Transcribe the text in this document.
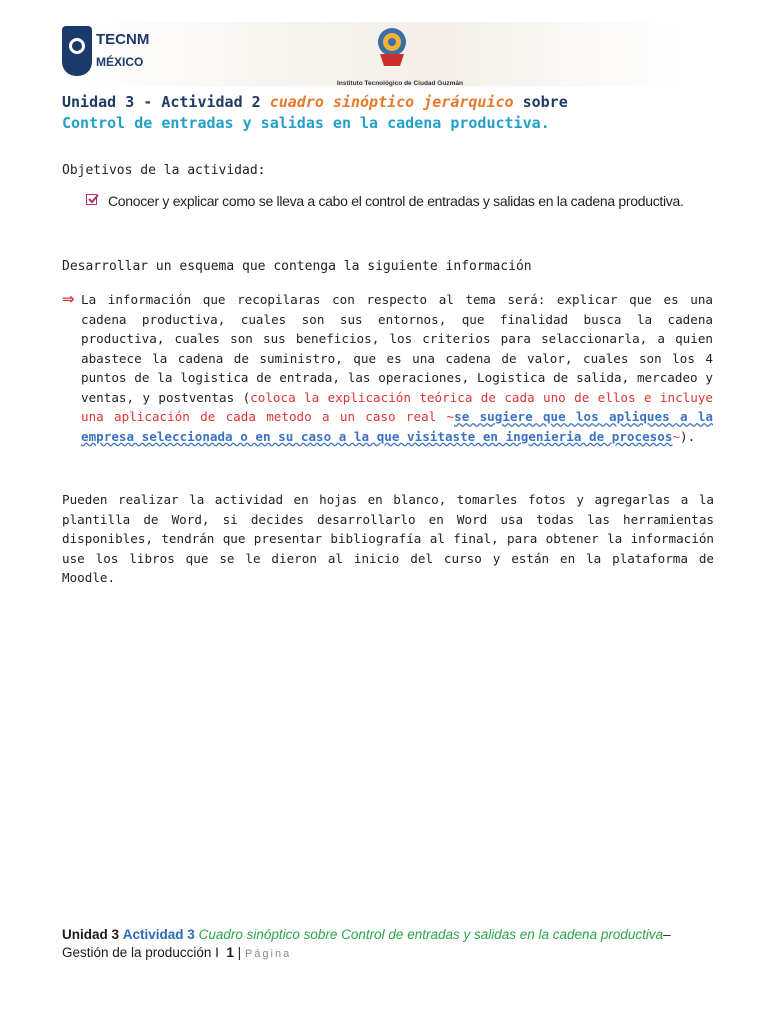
TECNM
MÉXICO
Instituto Tecnológico de Ciudad Guzmán
Unidad 3 - Actividad 2 cuadro sinóptico jerárquico sobre
Control de entradas y salidas en la cadena productiva.
Objetivos de la actividad:
Conocer y explicar como se lleva a cabo el control de entradas y salidas en la cadena productiva.
Desarrollar un esquema que contenga la siguiente información
⇒ La información que recopilaras con respecto al tema será: explicar que es una cadena productiva, cuales son sus entornos, que finalidad busca la cadena productiva, cuales son sus beneficios, los criterios para selaccionarla, a quien abastece la cadena de suministro, que es una cadena de valor, cuales son los 4 puntos de la logistica de entrada, las operaciones, Logistica de salida, mercadeo y ventas, y postventas (coloca la explicación teórica de cada uno de ellos e incluye una aplicación de cada metodo a un caso real ~se sugiere que los apliques a la empresa seleccionada o en su caso a la que visitaste en ingenieria de procesos~).
Pueden realizar la actividad en hojas en blanco, tomarles fotos y agregarlas a la plantilla de Word, si decides desarrollarlo en Word usa todas las herramientas disponibles, tendrán que presentar bibliografía al final, para obtener la información use los libros que se le dieron al inicio del curso y están en la plataforma de Moodle.
Unidad 3 Actividad 3 Cuadro sinóptico sobre Control de entradas y salidas en la cadena productiva–
Gestión de la producción I 1 | Página
